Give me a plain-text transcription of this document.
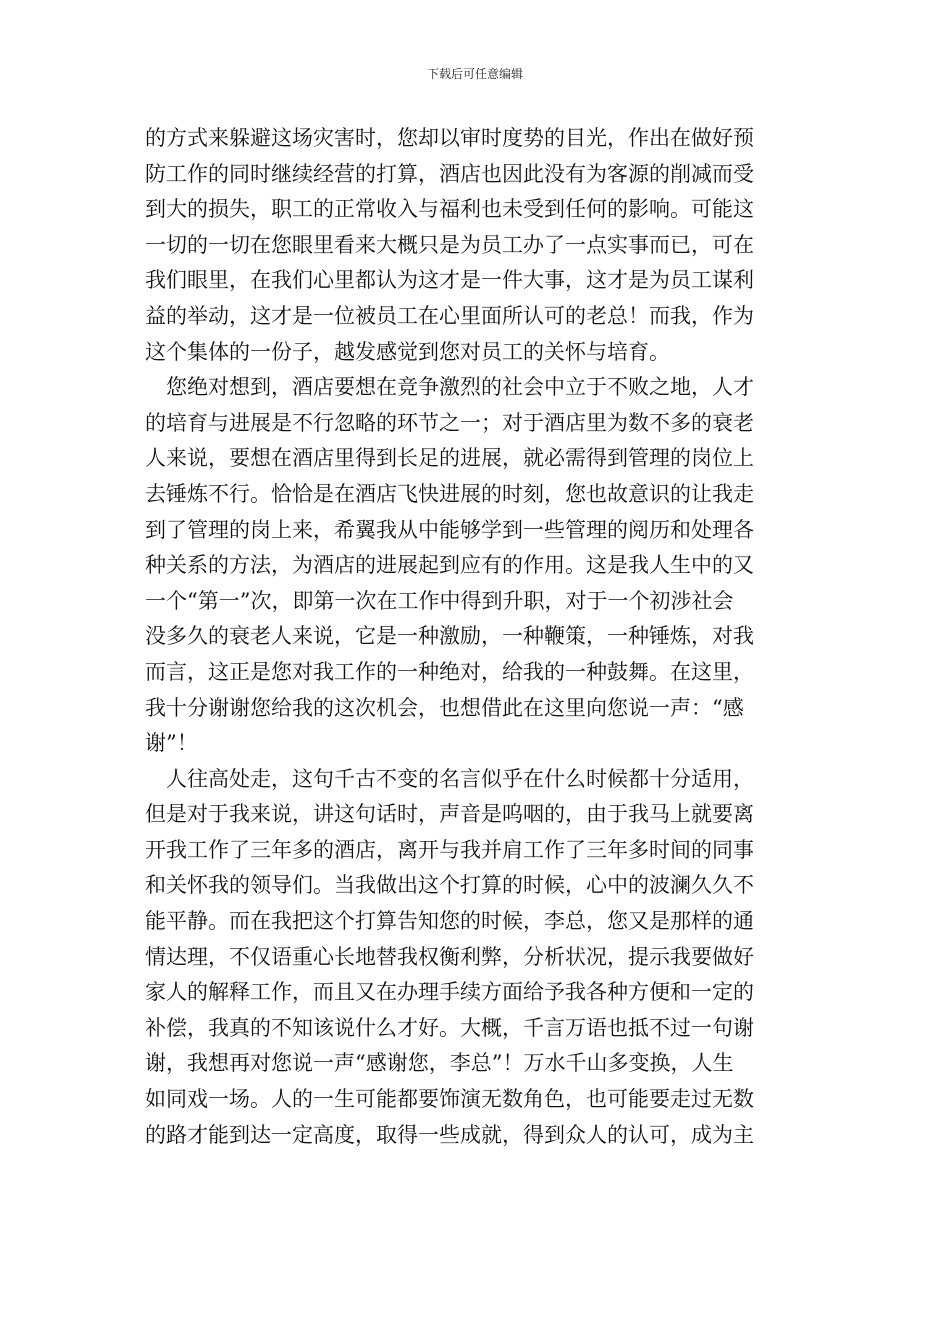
下载后可任意编辑
的方式来躲避这场灾害时，您却以审时度势的目光，作出在做好预
防工作的同时继续经营的打算，酒店也因此没有为客源的削减而受
到大的损失，职工的正常收入与福利也未受到任何的影响。可能这
一切的一切在您眼里看来大概只是为员工办了一点实事而已，可在
我们眼里，在我们心里都认为这才是一件大事，这才是为员工谋利
益的举动，这才是一位被员工在心里面所认可的老总！而我，作为
这个集体的一份子，越发感觉到您对员工的关怀与培育。
您绝对想到，酒店要想在竞争激烈的社会中立于不败之地，人才
的培育与进展是不行忽略的环节之一；对于酒店里为数不多的衰老
人来说，要想在酒店里得到长足的进展，就必需得到管理的岗位上
去锤炼不行。恰恰是在酒店飞快进展的时刻，您也故意识的让我走
到了管理的岗上来，希翼我从中能够学到一些管理的阅历和处理各
种关系的方法，为酒店的进展起到应有的作用。这是我人生中的又
一个“第一”次，即第一次在工作中得到升职，对于一个初涉社会
没多久的衰老人来说，它是一种激励，一种鞭策，一种锤炼，对我
而言，这正是您对我工作的一种绝对，给我的一种鼓舞。在这里，
我十分谢谢您给我的这次机会，也想借此在这里向您说一声：“感
谢”！
人往高处走，这句千古不变的名言似乎在什么时候都十分适用，
但是对于我来说，讲这句话时，声音是呜咽的，由于我马上就要离
开我工作了三年多的酒店，离开与我并肩工作了三年多时间的同事
和关怀我的领导们。当我做出这个打算的时候，心中的波澜久久不
能平静。而在我把这个打算告知您的时候，李总，您又是那样的通
情达理，不仅语重心长地替我权衡利弊，分析状况，提示我要做好
家人的解释工作，而且又在办理手续方面给予我各种方便和一定的
补偿，我真的不知该说什么才好。大概，千言万语也抵不过一句谢
谢，我想再对您说一声“感谢您，李总”！万水千山多变换，人生
如同戏一场。人的一生可能都要饰演无数角色，也可能要走过无数
的路才能到达一定高度，取得一些成就，得到众人的认可，成为主
